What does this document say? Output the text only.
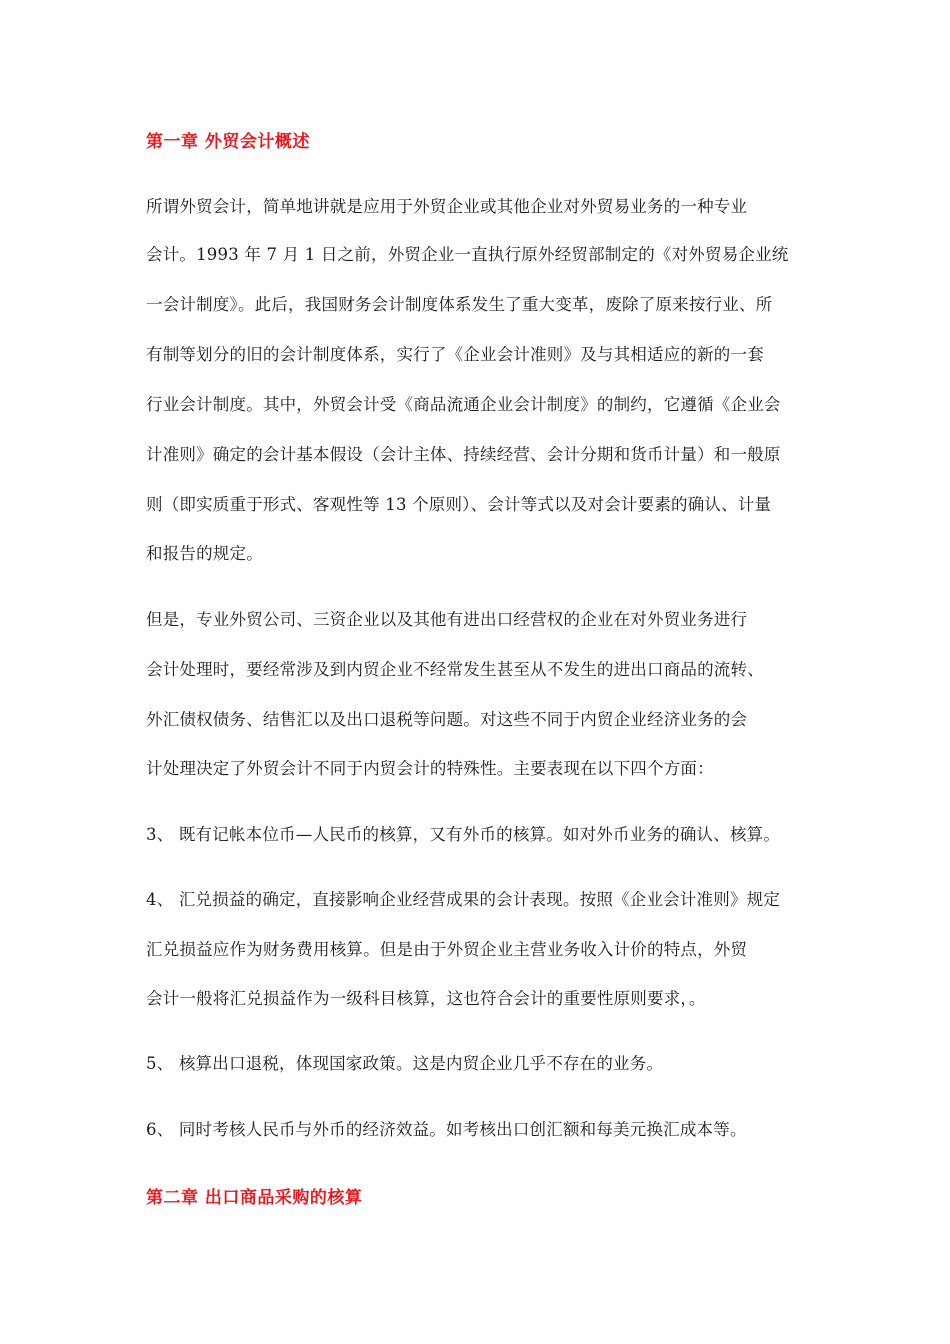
第一章 外贸会计概述
所谓外贸会计，简单地讲就是应用于外贸企业或其他企业对外贸易业务的一种专业
会计。1993 年 7 月 1 日之前，外贸企业一直执行原外经贸部制定的《对外贸易企业统
一会计制度》。此后，我国财务会计制度体系发生了重大变革，废除了原来按行业、所
有制等划分的旧的会计制度体系，实行了《企业会计准则》及与其相适应的新的一套
行业会计制度。其中，外贸会计受《商品流通企业会计制度》的制约，它遵循《企业会
计准则》确定的会计基本假设（会计主体、持续经营、会计分期和货币计量）和一般原
则（即实质重于形式、客观性等 13 个原则）、会计等式以及对会计要素的确认、计量
和报告的规定。
但是，专业外贸公司、三资企业以及其他有进出口经营权的企业在对外贸业务进行
会计处理时，要经常涉及到内贸企业不经常发生甚至从不发生的进出口商品的流转、
外汇债权债务、结售汇以及出口退税等问题。对这些不同于内贸企业经济业务的会
计处理决定了外贸会计不同于内贸会计的特殊性。主要表现在以下四个方面：
3、 既有记帐本位币—人民币的核算，又有外币的核算。如对外币业务的确认、核算。
4、 汇兑损益的确定，直接影响企业经营成果的会计表现。按照《企业会计准则》规定
汇兑损益应作为财务费用核算。但是由于外贸企业主营业务收入计价的特点，外贸
会计一般将汇兑损益作为一级科目核算，这也符合会计的重要性原则要求，。
5、 核算出口退税，体现国家政策。这是内贸企业几乎不存在的业务。
6、 同时考核人民币与外币的经济效益。如考核出口创汇额和每美元换汇成本等。
第二章 出口商品采购的核算
